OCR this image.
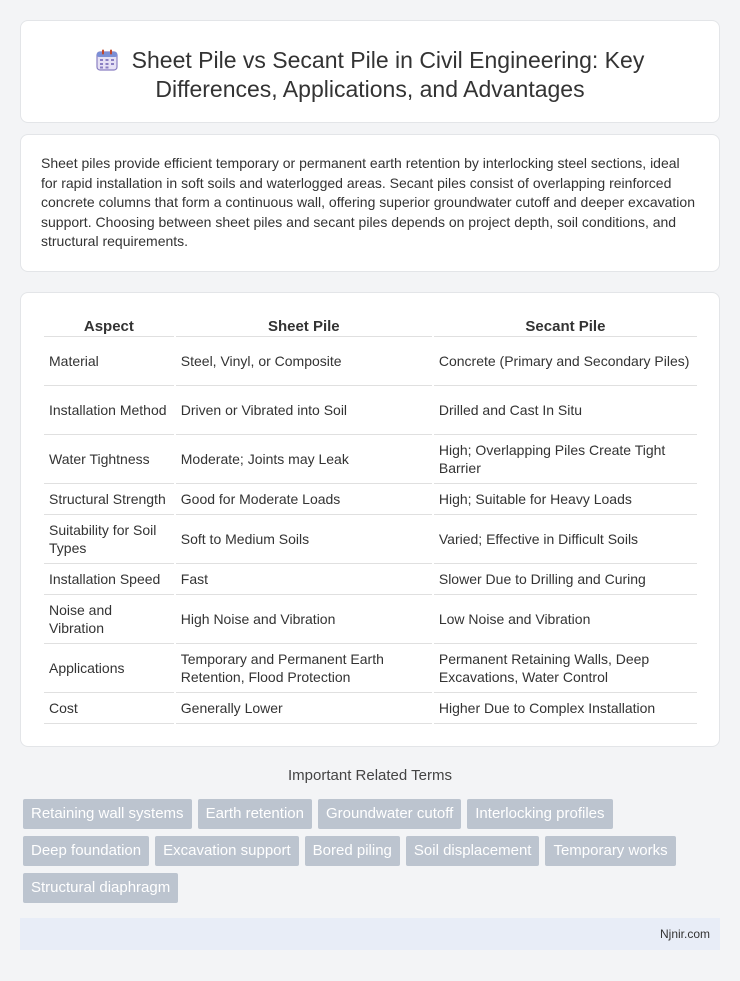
Sheet Pile vs Secant Pile in Civil Engineering: Key
Differences, Applications, and Advantages

Sheet piles provide efficient temporary or permanent earth retention by interlocking steel sections, ideal for rapid installation in soft soils and waterlogged areas. Secant piles consist of overlapping reinforced concrete columns that form a continuous wall, offering superior groundwater cutoff and deeper excavation support. Choosing between sheet piles and secant piles depends on project depth, soil conditions, and structural requirements.

Aspect	Sheet Pile	Secant Pile
Material	Steel, Vinyl, or Composite	Concrete (Primary and Secondary Piles)
Installation Method	Driven or Vibrated into Soil	Drilled and Cast In Situ
Water Tightness	Moderate; Joints may Leak	High; Overlapping Piles Create Tight Barrier
Structural Strength	Good for Moderate Loads	High; Suitable for Heavy Loads
Suitability for Soil Types	Soft to Medium Soils	Varied; Effective in Difficult Soils
Installation Speed	Fast	Slower Due to Drilling and Curing
Noise and Vibration	High Noise and Vibration	Low Noise and Vibration
Applications	Temporary and Permanent Earth Retention, Flood Protection	Permanent Retaining Walls, Deep Excavations, Water Control
Cost	Generally Lower	Higher Due to Complex Installation
Important Related Terms
Retaining wall systems	Earth retention	Groundwater cutoff	Interlocking profiles
Deep foundation	Excavation support	Bored piling	Soil displacement	Temporary works
Structural diaphragm
Njnir.com
